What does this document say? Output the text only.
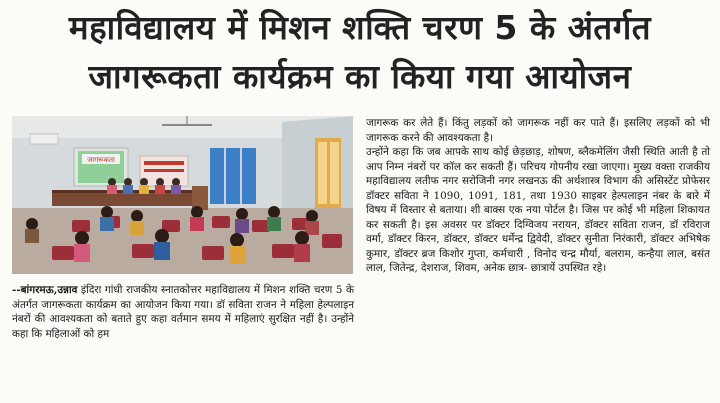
महाविद्यालय में मिशन शक्ति चरण 5 के अंतर्गत
जागरूकता कार्यक्रम का किया गया आयोजन
जागरूकता

--बांगरमऊ,उन्नाव इंदिरा गांधी राजकीय स्नातकोत्तर महाविद्यालय में मिशन शक्ति चरण 5 के अंतर्गत जागरूकता कार्यक्रम का आयोजन किया गया। डॉ सविता राजन ने महिला हेल्पलाइन नंबरों की आवश्यकता को बताते हुए कहा वर्तमान समय में महिलाएं सुरक्षित नहीं है। उन्होंने कहा कि महिलाओं को हम

जागरूक कर लेते हैं। किंतु लड़कों को जागरूक नहीं कर पाते हैं। इसलिए लड़कों को भी जागरूक करने की आवश्यकता है।

उन्होंने कहा कि जब आपके साथ कोई छेड़छाड़, शोषण, ब्लैकमेलिंग जैसी स्थिति आती है तो आप निम्न नंबरों पर कॉल कर सकती हैं। परिचय गोपनीय रखा जाएगा। मुख्य वक्ता राजकीय महाविद्यालय लतीफ नगर सरोजिनी नगर लखनऊ की अर्थशास्त्र विभाग की असिस्टेंट प्रोफेसर डॉक्टर सविता ने 1090, 1091, 181, तथा 1930 साइबर हेल्पलाइन नंबर के बारे में विषय में विस्तार से बताया। शी बाक्स एक नया पोर्टल है। जिस पर कोई भी महिला शिकायत कर सकती है। इस अवसर पर डॉक्टर दिग्विजय नरायन, डॉक्टर सविता राजन, डॉ रविराज वर्मा, डॉक्टर किरन, डॉक्टर, डॉक्टर धर्मेन्द्र द्विवेदी, डॉक्टर सुनीता निरंकारी, डॉक्टर अभिषेक कुमार, डॉक्टर ब्रज किशोर गुप्ता, कर्मचारी , विनोद चन्द्र मौर्या, बलराम, कन्हैया लाल, बसंत लाल, जितेन्द्र, देशराज, शिवम, अनेक छात्र- छात्रायें उपस्थित रहे।
